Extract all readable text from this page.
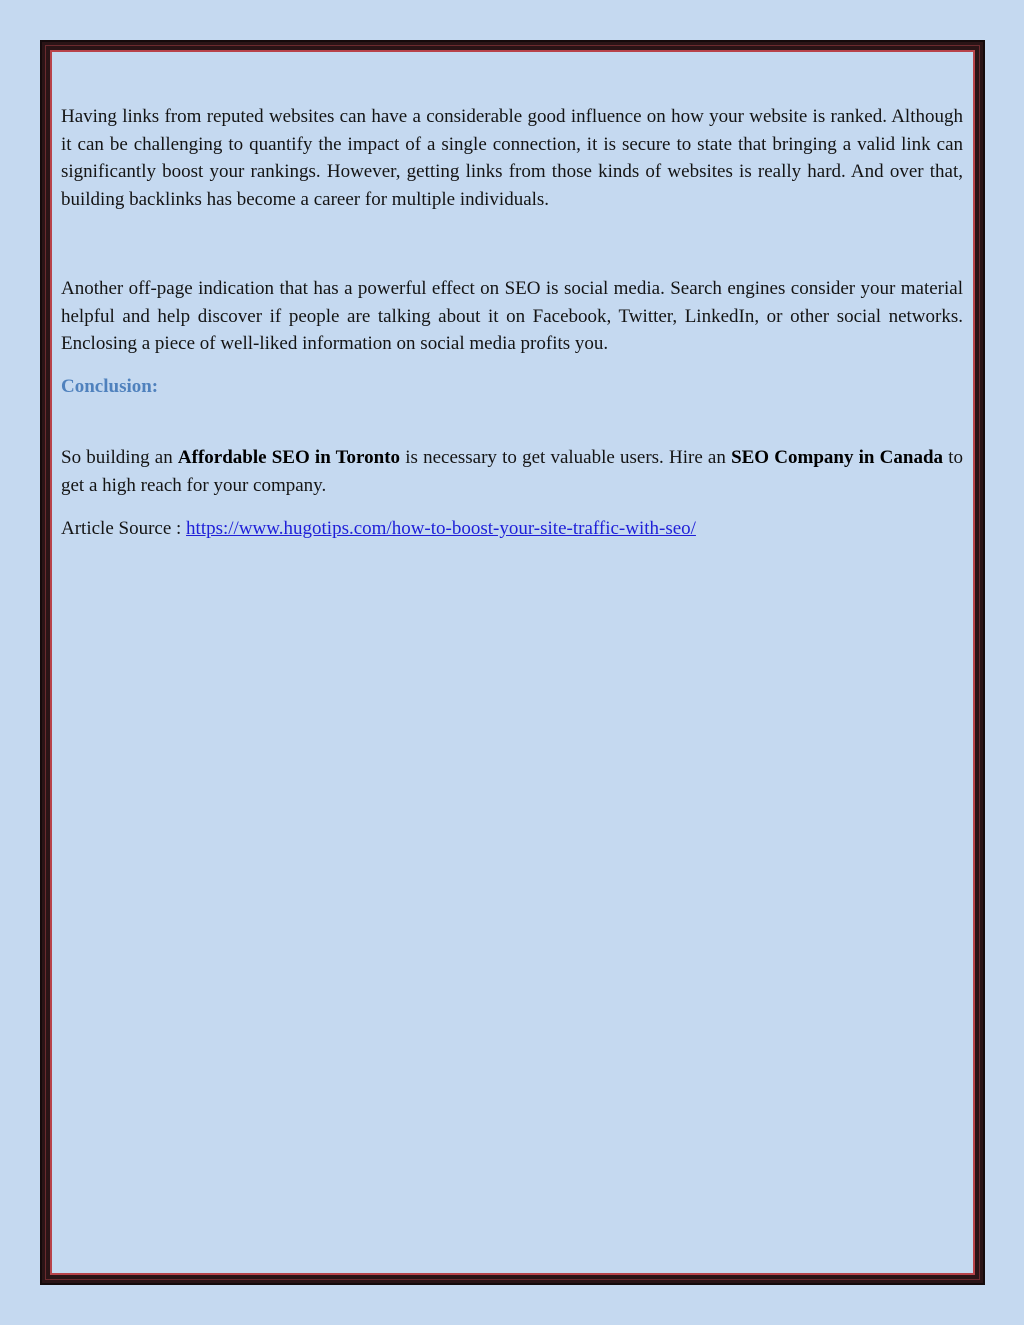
Having links from reputed websites can have a considerable good influence on how your website is ranked. Although it can be challenging to quantify the impact of a single connection, it is secure to state that bringing a valid link can significantly boost your rankings. However, getting links from those kinds of websites is really hard. And over that, building backlinks has become a career for multiple individuals.

Another off-page indication that has a powerful effect on SEO is social media. Search engines consider your material helpful and help discover if people are talking about it on Facebook, Twitter, LinkedIn, or other social networks. Enclosing a piece of well-liked information on social media profits you.

Conclusion:

So building an Affordable SEO in Toronto is necessary to get valuable users. Hire an SEO Company in Canada to get a high reach for your company.

Article Source : https://www.hugotips.com/how-to-boost-your-site-traffic-with-seo/
